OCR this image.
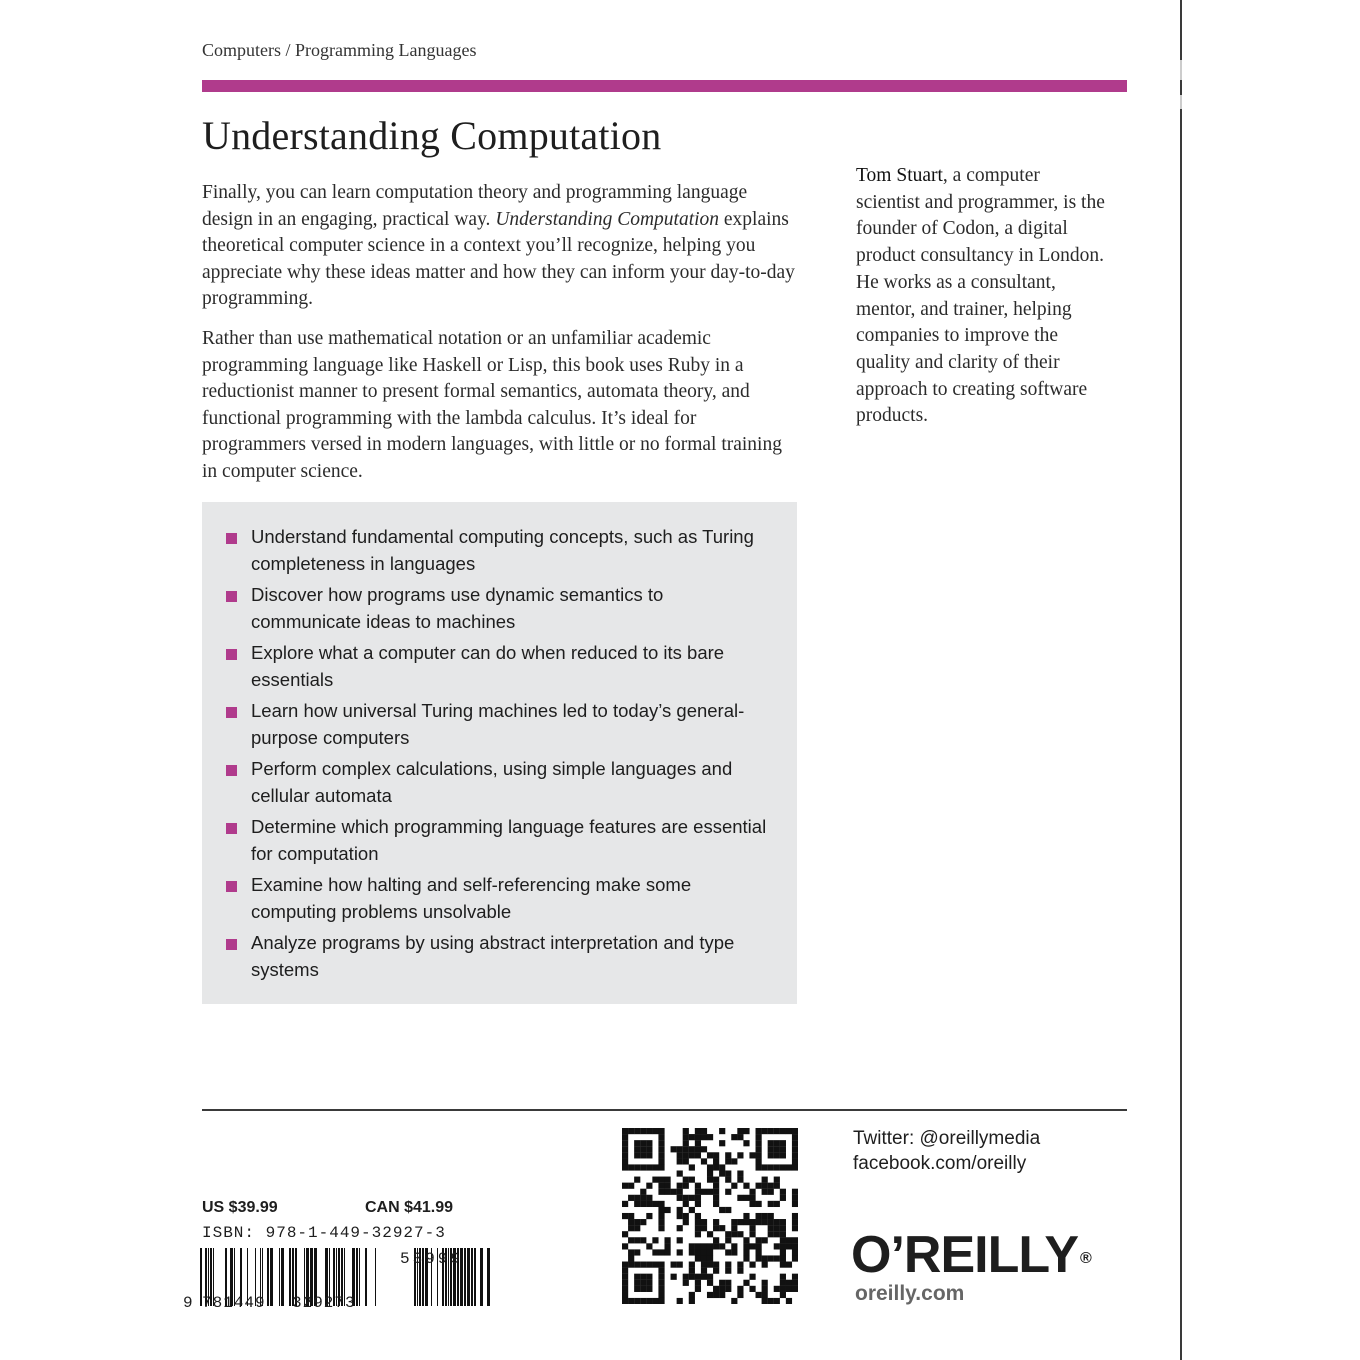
Computers / Programming Languages
Understanding Computation

Finally, you can learn computation theory and programming language design in an engaging, practical way. Understanding Computation explains theoretical computer science in a context you’ll recognize, helping you appreciate why these ideas matter and how they can inform your day-to-day programming.

Rather than use mathematical notation or an unfamiliar academic programming language like Haskell or Lisp, this book uses Ruby in a reductionist manner to present formal semantics, automata theory, and functional programming with the lambda calculus. It’s ideal for programmers versed in modern languages, with little or no formal training in computer science.

Tom Stuart, a computer scientist and programmer, is the founder of Codon, a digital product consultancy in London. He works as a consultant, mentor, and trainer, helping companies to improve the quality and clarity of their approach to creating software products.
Understand fundamental computing concepts, such as Turing completeness in languages
Discover how programs use dynamic semantics to communicate ideas to machines
Explore what a computer can do when reduced to its bare essentials
Learn how universal Turing machines led to today’s general-purpose computers
Perform complex calculations, using simple languages and cellular automata
Determine which programming language features are essential for computation
Examine how halting and self-referencing make some computing problems unsolvable
Analyze programs by using abstract interpretation and type systems
US $39.99	CAN $41.99
ISBN: 978-1-449-32927-3
9 781449 329273
53999
Twitter: @oreillymedia
facebook.com/oreilly
O’REILLY ®
oreilly.com
